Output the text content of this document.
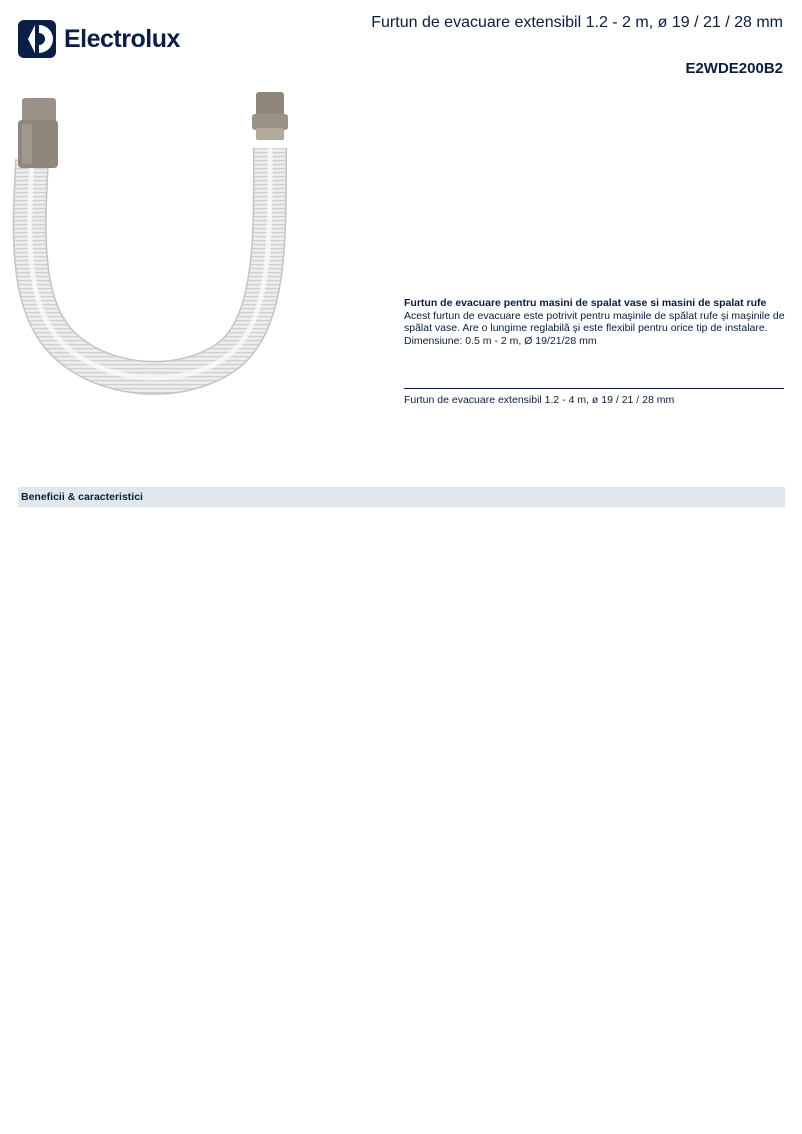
Electrolux
Furtun de evacuare extensibil 1.2 - 2 m, ø 19 / 21 / 28 mm
E2WDE200B2
Furtun de evacuare pentru masini de spalat vase si masini de spalat rufe
Acest furtun de evacuare este potrivit pentru maşinile de spălat rufe şi maşinile de spălat vase. Are o lungime reglabilă şi este flexibil pentru orice tip de instalare. Dimensiune: 0.5 m - 2 m, Ø 19/21/28 mm
Furtun de evacuare extensibil 1.2 - 4 m, ø 19 / 21 / 28 mm
Beneficii & caracteristici
